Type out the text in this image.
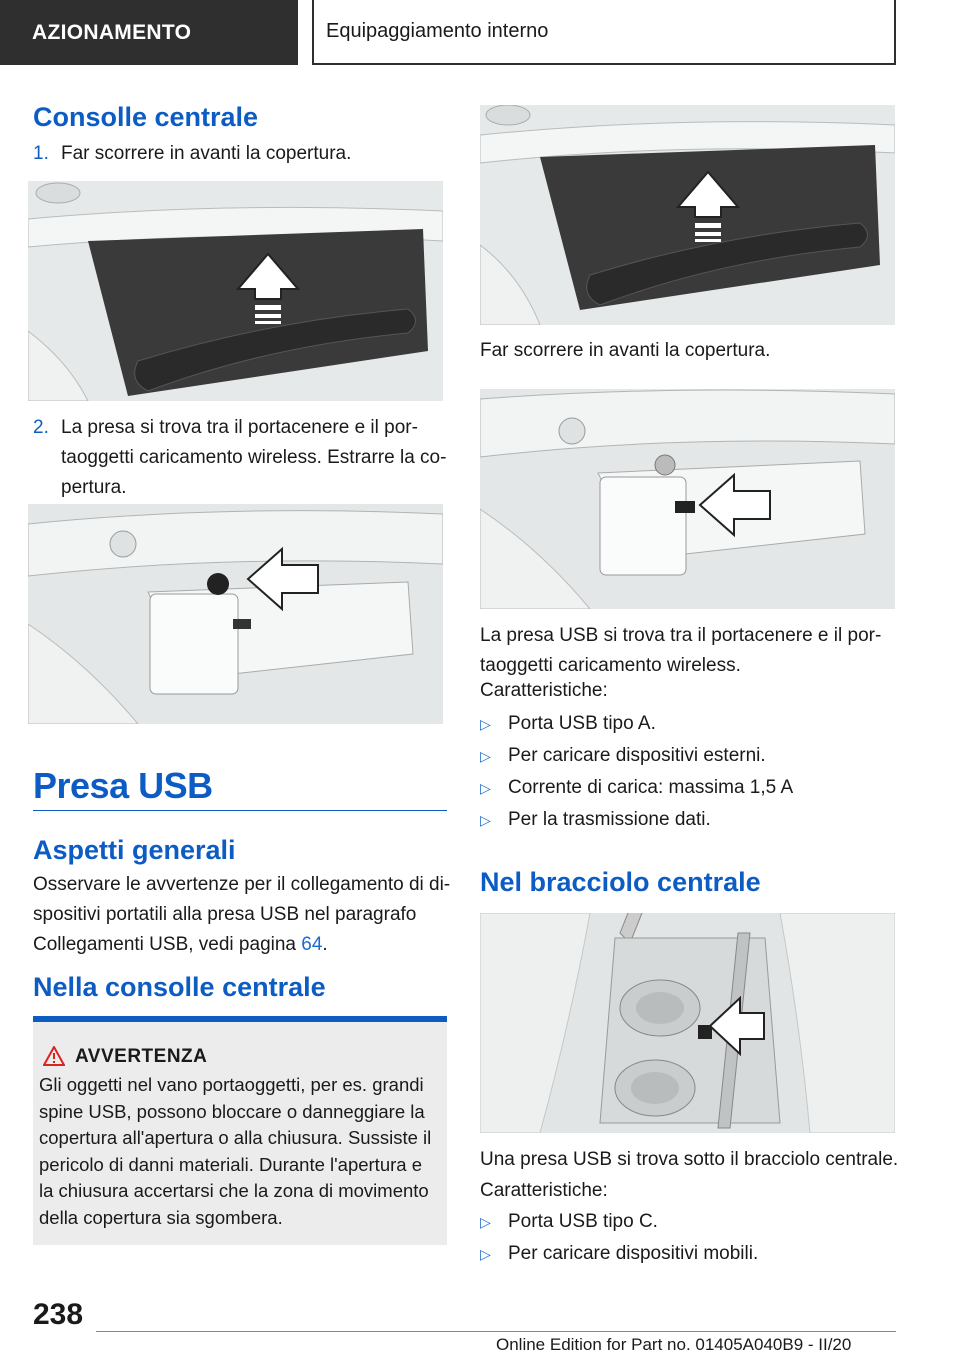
AZIONAMENTO	Equipaggiamento interno
Consolle centrale
1. Far scorrere in avanti la copertura.
2. La presa si trova tra il portacenere e il por-
taoggetti caricamento wireless. Estrarre la co-
pertura.
Presa USB
Aspetti generali
Osservare le avvertenze per il collegamento di di-
spositivi portatili alla presa USB nel paragrafo
Collegamenti USB, vedi pagina 64.
Nella consolle centrale
AVVERTENZA
Gli oggetti nel vano portaoggetti, per es. grandi
spine USB, possono bloccare o danneggiare la
copertura all'apertura o alla chiusura. Sussiste il
pericolo di danni materiali. Durante l'apertura e
la chiusura accertarsi che la zona di movimento
della copertura sia sgombera.
Far scorrere in avanti la copertura.
La presa USB si trova tra il portacenere e il por-
taoggetti caricamento wireless.
Caratteristiche:
▷ Porta USB tipo A.
▷ Per caricare dispositivi esterni.
▷ Corrente di carica: massima 1,5 A
▷ Per la trasmissione dati.
Nel bracciolo centrale
Una presa USB si trova sotto il bracciolo centrale.
Caratteristiche:
▷ Porta USB tipo C.
▷ Per caricare dispositivi mobili.
238
Online Edition for Part no. 01405A040B9 - II/20
